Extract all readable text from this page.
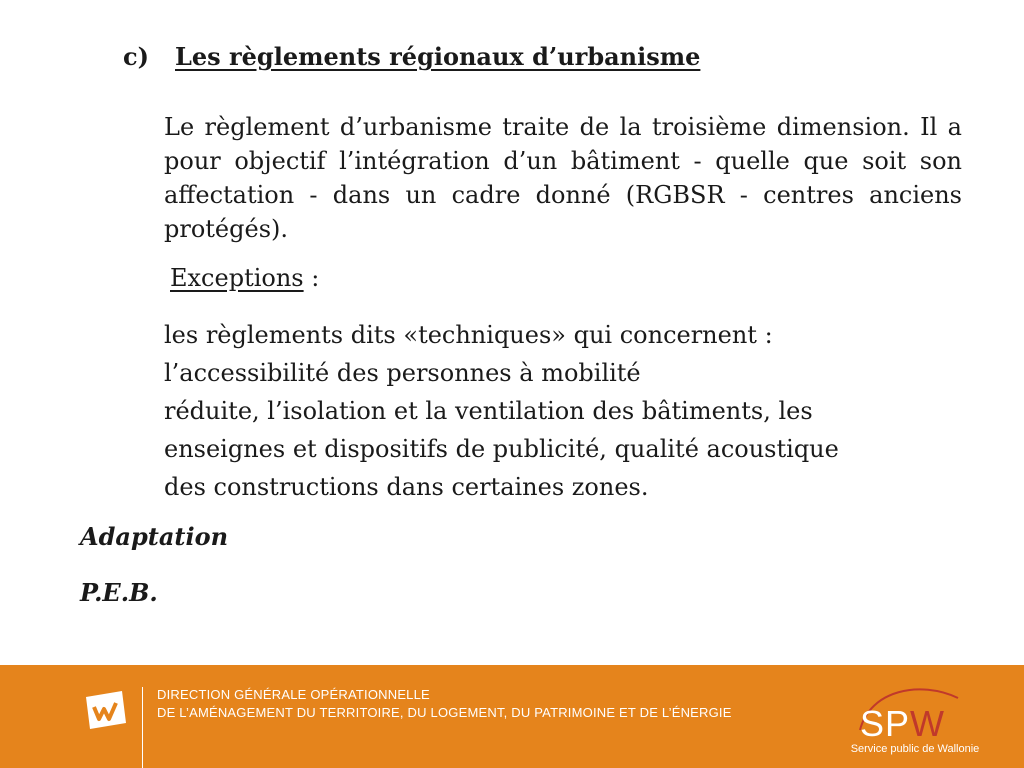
c) Les règlements régionaux d’urbanisme
Le règlement d’urbanisme traite de la troisième dimension. Il a pour objectif l’intégration d’un bâtiment - quelle que soit son affectation - dans un cadre donné (RGBSR - centres anciens protégés).
Exceptions :
les règlements dits «techniques» qui concernent :
l’accessibilité des personnes à mobilité
réduite, l’isolation et la ventilation des bâtiments, les
enseignes et dispositifs de publicité, qualité acoustique
des constructions dans certaines zones.
Adaptation
P.E.B.
DIRECTION GÉNÉRALE OPÉRATIONNELLE
DE L’AMÉNAGEMENT DU TERRITOIRE, DU LOGEMENT, DU PATRIMOINE ET DE L’ÉNERGIE	SPW
Service public de Wallonie
